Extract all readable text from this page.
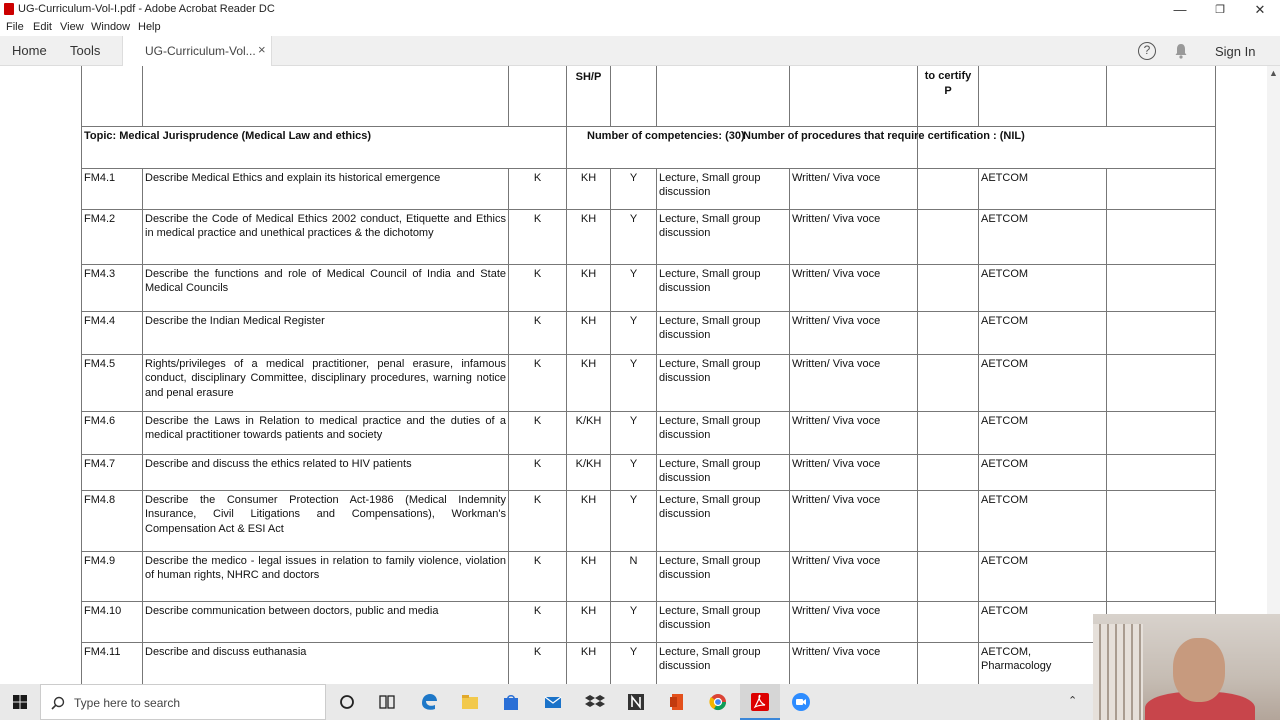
UG-Curriculum-Vol-I.pdf - Adobe Acrobat Reader DC	—	❐	✕
File Edit View Window Help
Home Tools	UG-Curriculum-Vol... ×	?	Sign In
			SH/P				to certify
P		

Topic: Medical Jurisprudence (Medical Law and ethics)			Number of competencies: (30)				Number of procedures that require certification : (NIL)		
FM4.1	Describe Medical Ethics and explain its historical emergence	K	KH	Y	Lecture, Small group discussion	Written/ Viva voce		AETCOM	
FM4.2	Describe the Code of Medical Ethics 2002 conduct, Etiquette and Ethics in medical practice and unethical practices & the dichotomy	K	KH	Y	Lecture, Small group discussion	Written/ Viva voce		AETCOM	
FM4.3	Describe the functions and role of Medical Council of India and State Medical Councils	K	KH	Y	Lecture, Small group discussion	Written/ Viva voce		AETCOM	
FM4.4	Describe the Indian Medical Register	K	KH	Y	Lecture, Small group discussion	Written/ Viva voce		AETCOM	
FM4.5	Rights/privileges of a medical practitioner, penal erasure, infamous conduct, disciplinary Committee, disciplinary procedures, warning notice and penal erasure	K	KH	Y	Lecture, Small group discussion	Written/ Viva voce		AETCOM	
FM4.6	Describe the Laws in Relation to medical practice and the duties of a medical practitioner towards patients and society	K	K/KH	Y	Lecture, Small group discussion	Written/ Viva voce		AETCOM	
FM4.7	Describe and discuss the ethics related to HIV patients	K	K/KH	Y	Lecture, Small group discussion	Written/ Viva voce		AETCOM	
FM4.8	Describe the Consumer Protection Act-1986 (Medical Indemnity Insurance, Civil Litigations and Compensations), Workman's Compensation Act & ESI Act	K	KH	Y	Lecture, Small group discussion	Written/ Viva voce		AETCOM	
FM4.9	Describe the medico - legal issues in relation to family violence, violation of human rights, NHRC and doctors	K	KH	N	Lecture, Small group discussion	Written/ Viva voce		AETCOM	
FM4.10	Describe communication between doctors, public and media	K	KH	Y	Lecture, Small group discussion	Written/ Viva voce		AETCOM	
FM4.11	Describe and discuss euthanasia	K	KH	Y	Lecture, Small group discussion	Written/ Viva voce		AETCOM, Pharmacology	
▲
Type here to search	⌃
